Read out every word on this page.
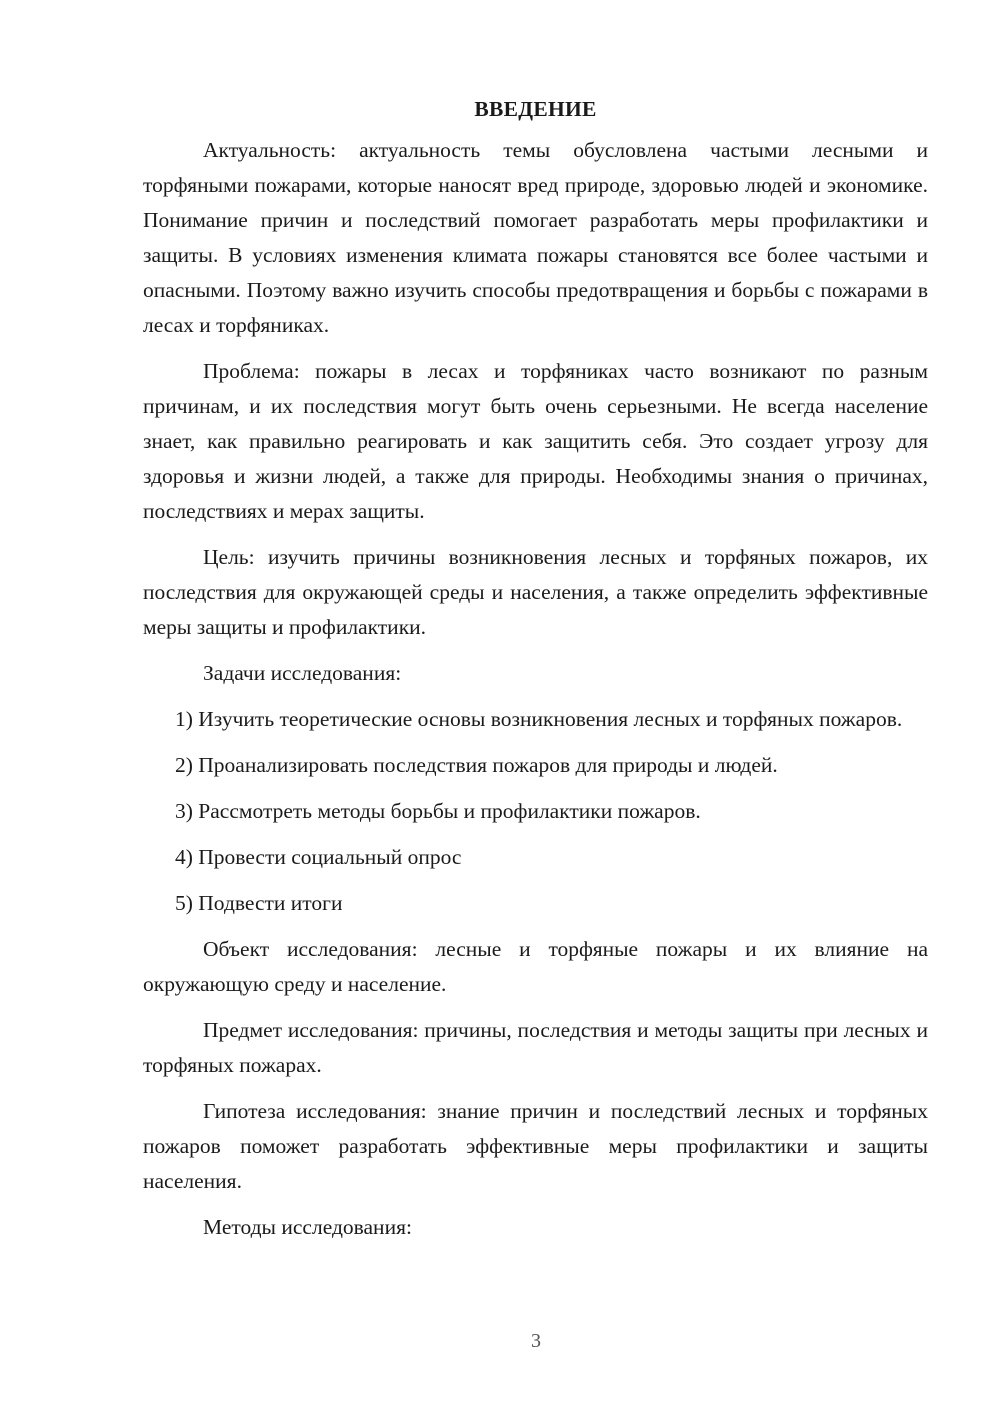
ВВЕДЕНИЕ

Актуальность: актуальность темы обусловлена частыми лесными и торфяными пожарами, которые наносят вред природе, здоровью людей и экономике. Понимание причин и последствий помогает разработать меры профилактики и защиты. В условиях изменения климата пожары становятся все более частыми и опасными. Поэтому важно изучить способы предотвращения и борьбы с пожарами в лесах и торфяниках.

Проблема: пожары в лесах и торфяниках часто возникают по разным причинам, и их последствия могут быть очень серьезными. Не всегда население знает, как правильно реагировать и как защитить себя. Это создает угрозу для здоровья и жизни людей, а также для природы. Необходимы знания о причинах, последствиях и мерах защиты.

Цель: изучить причины возникновения лесных и торфяных пожаров, их последствия для окружающей среды и населения, а также определить эффективные меры защиты и профилактики.

Задачи исследования:

1) Изучить теоретические основы возникновения лесных и торфяных пожаров.

2) Проанализировать последствия пожаров для природы и людей.

3) Рассмотреть методы борьбы и профилактики пожаров.

4) Провести социальный опрос

5) Подвести итоги

Объект исследования: лесные и торфяные пожары и их влияние на окружающую среду и население.

Предмет исследования: причины, последствия и методы защиты при лесных и торфяных пожарах.

Гипотеза исследования: знание причин и последствий лесных и торфяных пожаров поможет разработать эффективные меры профилактики и защиты населения.

Методы исследования:

3
